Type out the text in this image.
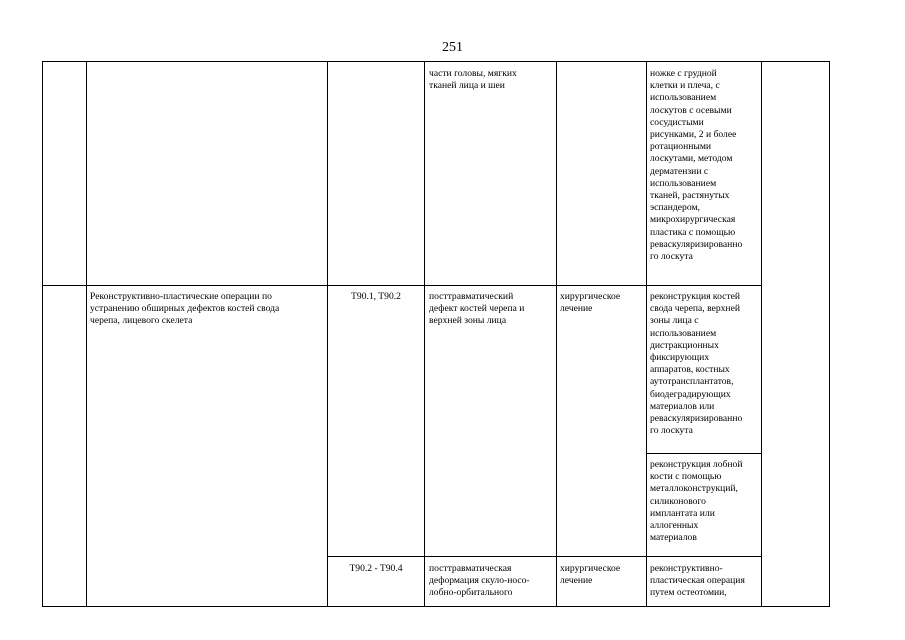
251
части головы, мягких
тканей лица и шеи
ножке с грудной
клетки и плеча, с
использованием
лоскутов с осевыми
сосудистыми
рисунками, 2 и более
ротационными
лоскутами, методом
дерматензии с
использованием
тканей, растянутых
эспандером,
микрохирургическая
пластика с помощью
реваскуляризированно
го лоскута
Реконструктивно-пластические операции по
устранению обширных дефектов костей свода
черепа, лицевого скелета
T90.1, T90.2	посттравматический
дефект костей черепа и
верхней зоны лица
хирургическое
лечение
реконструкция костей
свода черепа, верхней
зоны лица с
использованием
дистракционных
фиксирующих
аппаратов, костных
аутотрансплантатов,
биодеградирующих
материалов или
реваскуляризированно
го лоскута
реконструкция лобной
кости с помощью
металлоконструкций,
силиконового
имплантата или
аллогенных
материалов
T90.2 - T90.4	посттравматическая
деформация скуло-носо-
лобно-орбитального
хирургическое
лечение
реконструктивно-
пластическая операция
путем остеотомии,
